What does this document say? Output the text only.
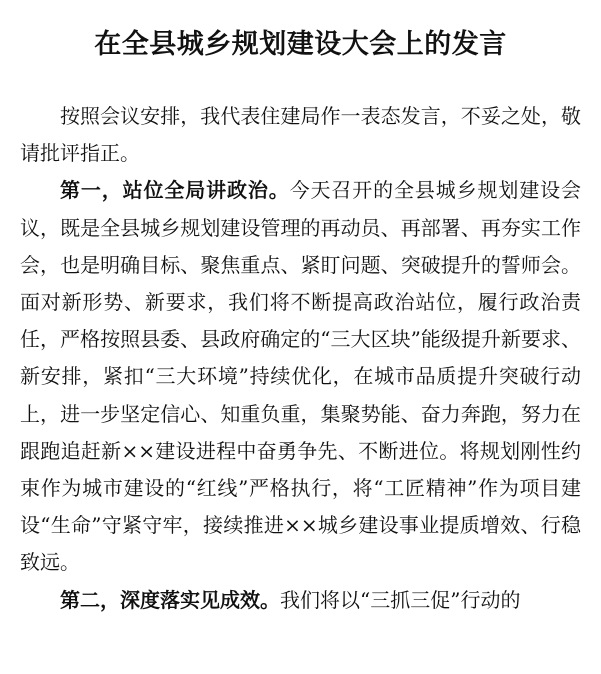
在全县城乡规划建设大会上的发言

按照会议安排，我代表住建局作一表态发言，不妥之处，敬请批评指正。

第一，站位全局讲政治。今天召开的全县城乡规划建设会议，既是全县城乡规划建设管理的再动员、再部署、再夯实工作会，也是明确目标、聚焦重点、紧盯问题、突破提升的誓师会。面对新形势、新要求，我们将不断提高政治站位，履行政治责任，严格按照县委、县政府确定的“三大区块”能级提升新要求、新安排，紧扣“三大环境”持续优化，在城市品质提升突破行动上，进一步坚定信心、知重负重，集聚势能、奋力奔跑，努力在跟跑追赶新××建设进程中奋勇争先、不断进位。将规划刚性约束作为城市建设的“红线”严格执行，将“工匠精神”作为项目建设“生命”守紧守牢，接续推进××城乡建设事业提质增效、行稳致远。

第二，深度落实见成效。我们将以“三抓三促”行动的
